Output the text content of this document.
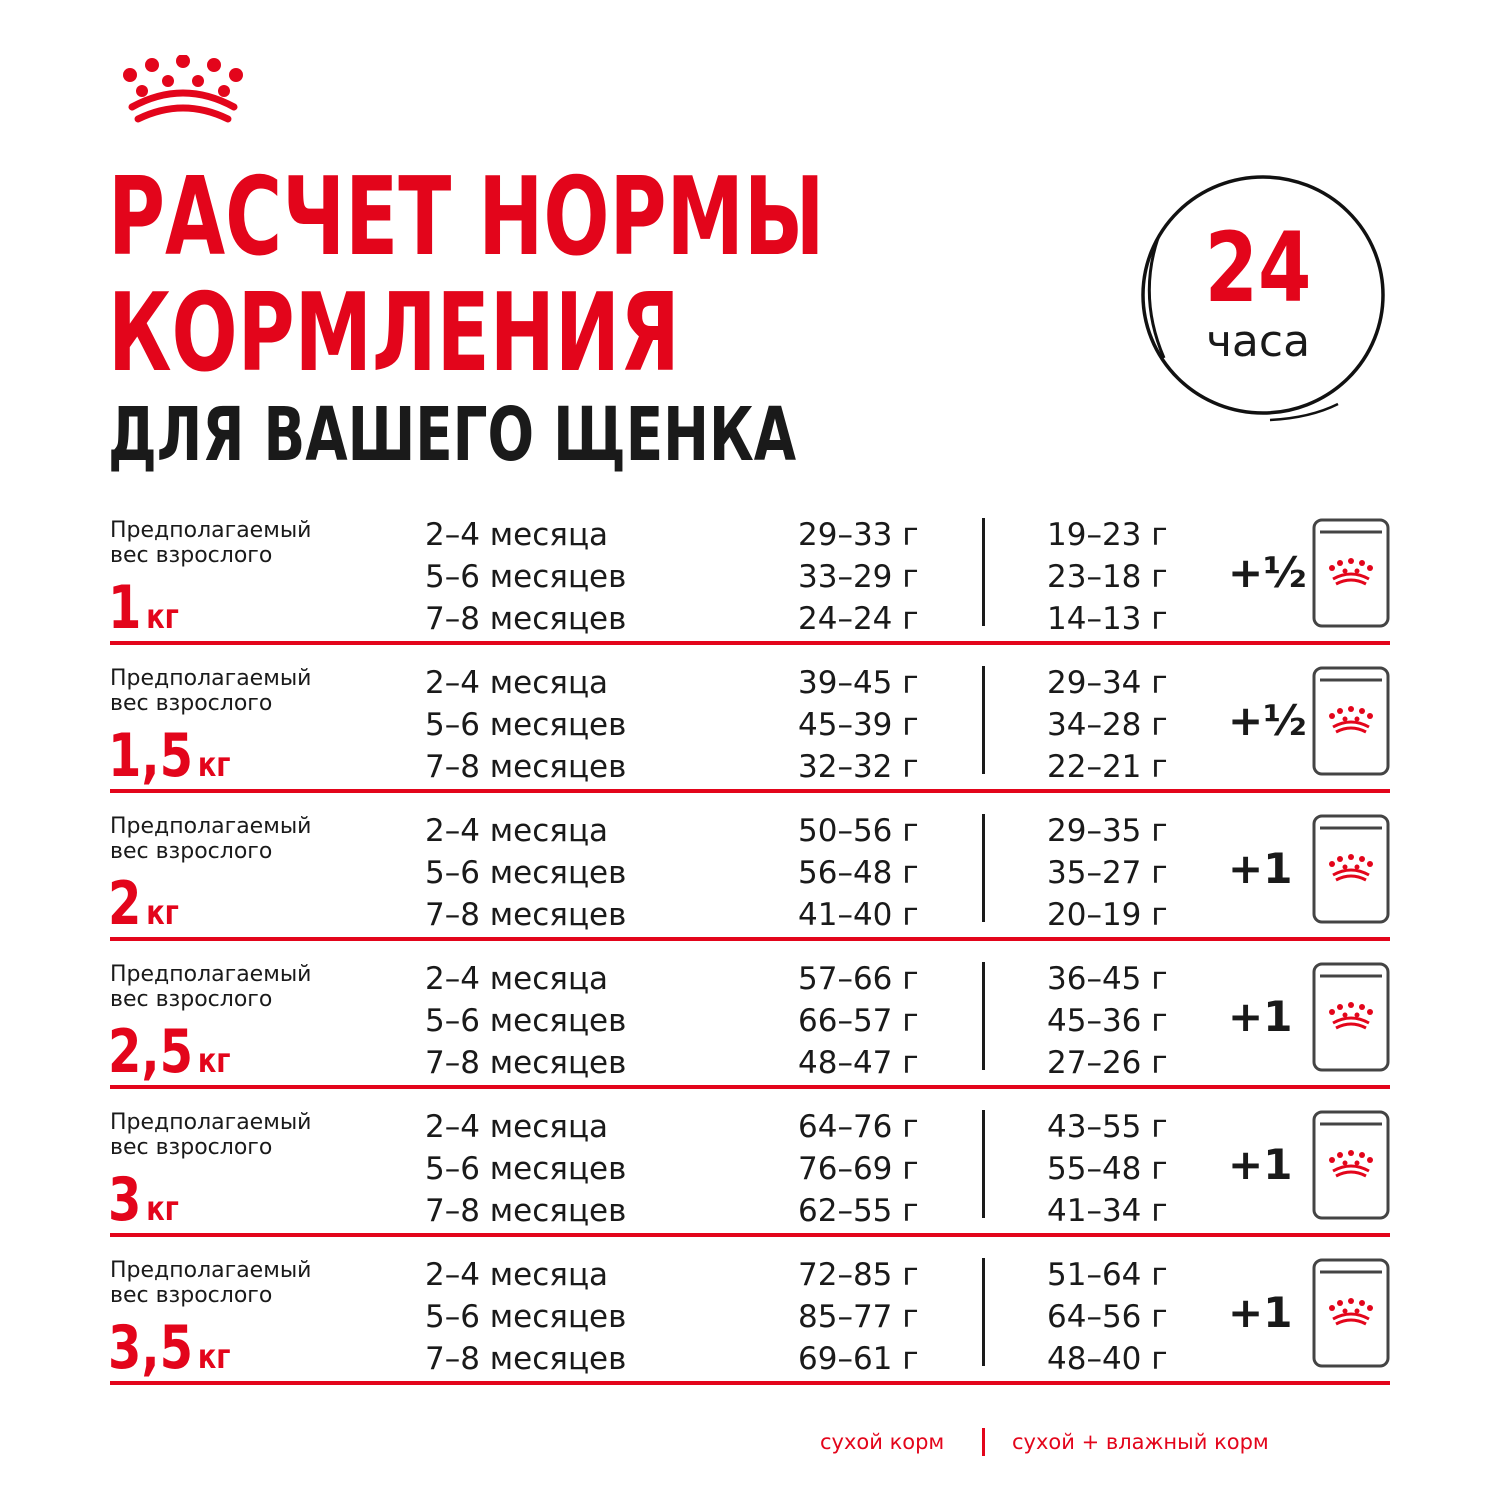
РАСЧЕТ НОРМЫ
КОРМЛЕНИЯ
ДЛЯ ВАШЕГО ЩЕНКА
24
часа
Предполагаемый
вес взрослого
1 кг
2–4 месяца
5–6 месяцев
7–8 месяцев
29–33 г
33–29 г
24–24 г
19–23 г
23–18 г
14–13 г
+½
Предполагаемый
вес взрослого
1,5 кг
2–4 месяца
5–6 месяцев
7–8 месяцев
39–45 г
45–39 г
32–32 г
29–34 г
34–28 г
22–21 г
+½
Предполагаемый
вес взрослого
2 кг
2–4 месяца
5–6 месяцев
7–8 месяцев
50–56 г
56–48 г
41–40 г
29–35 г
35–27 г
20–19 г
+1
Предполагаемый
вес взрослого
2,5 кг
2–4 месяца
5–6 месяцев
7–8 месяцев
57–66 г
66–57 г
48–47 г
36–45 г
45–36 г
27–26 г
+1
Предполагаемый
вес взрослого
3 кг
2–4 месяца
5–6 месяцев
7–8 месяцев
64–76 г
76–69 г
62–55 г
43–55 г
55–48 г
41–34 г
+1
Предполагаемый
вес взрослого
3,5 кг
2–4 месяца
5–6 месяцев
7–8 месяцев
72–85 г
85–77 г
69–61 г
51–64 г
64–56 г
48–40 г
+1
сухой корм	сухой + влажный корм
